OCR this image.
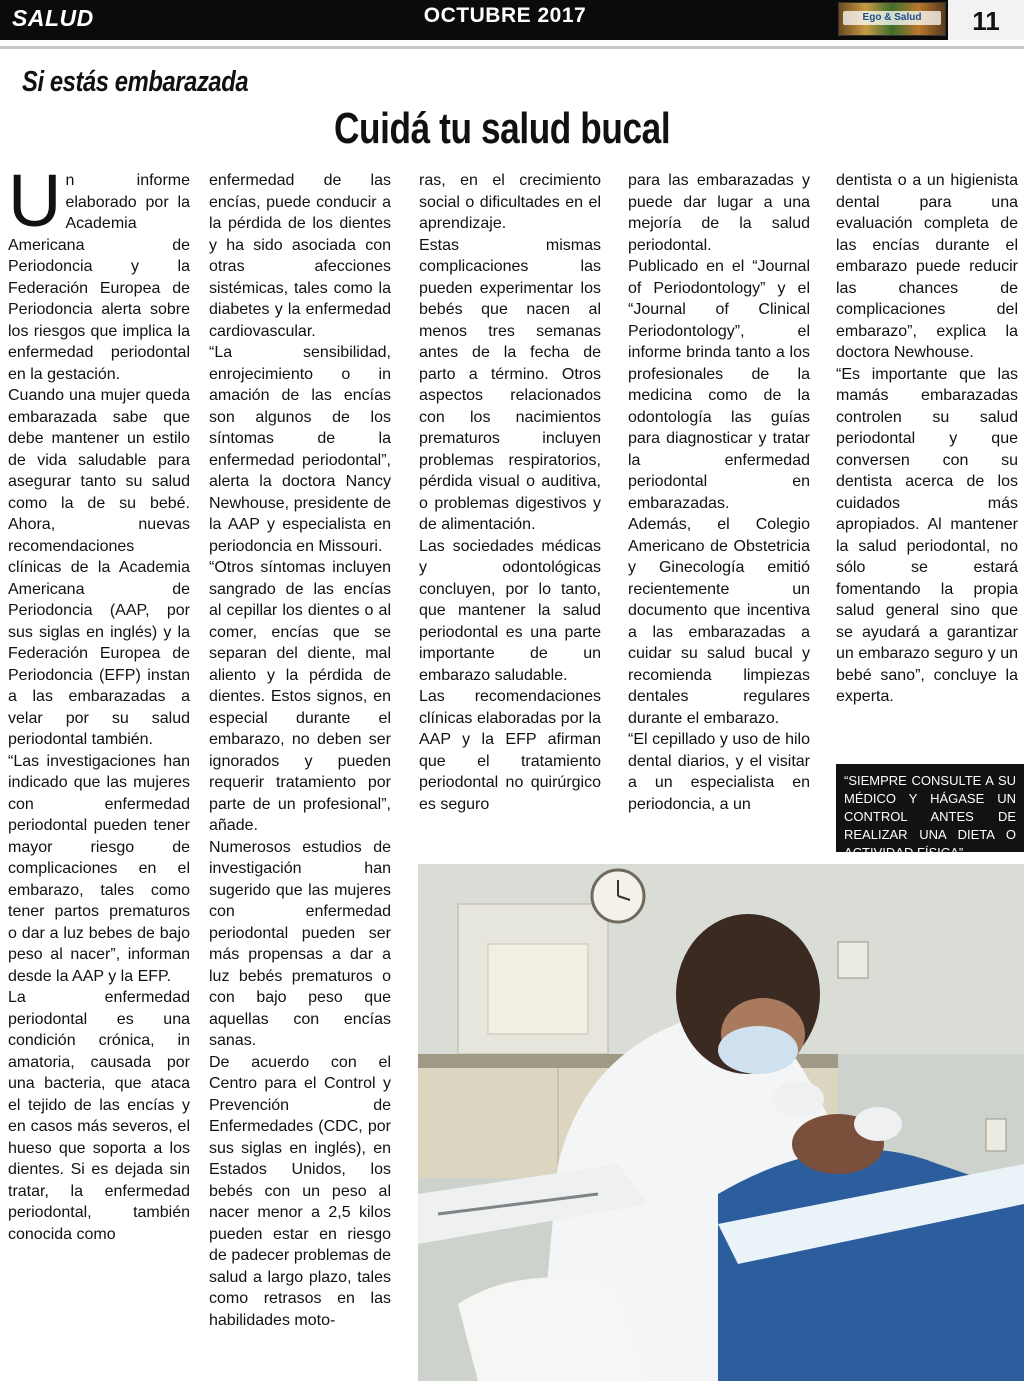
SALUD	OCTUBRE 2017	Ego & Salud	11
Si estás embarazada
Cuidá tu salud bucal
U n informe elaborado por la Academia Americana de Periodoncia y la Federación Europea de Periodoncia alerta sobre los riesgos que implica la enfermedad periodontal en la gestación.

Cuando una mujer queda embarazada sabe que debe mantener un estilo de vida saludable para asegurar tanto su salud como la de su bebé. Ahora, nuevas recomendaciones clínicas de la Academia Americana de Periodoncia (AAP, por sus siglas en inglés) y la Federación Europea de Periodoncia (EFP) instan a las embarazadas a velar por su salud periodontal también.

“Las investigaciones han indicado que las mujeres con enfermedad periodontal pueden tener mayor riesgo de complicaciones en el embarazo, tales como tener partos prematuros o dar a luz bebes de bajo peso al nacer”, informan desde la AAP y la EFP.

La enfermedad periodontal es una condición crónica, in amatoria, causada por una bacteria, que ataca el tejido de las encías y en casos más severos, el hueso que soporta a los dientes. Si es dejada sin tratar, la enfermedad periodontal, también conocida como

enfermedad de las encías, puede conducir a la pérdida de los dientes y ha sido asociada con otras afecciones sistémicas, tales como la diabetes y la enfermedad cardiovascular.

“La sensibilidad, enrojecimiento o in amación de las encías son algunos de los síntomas de la enfermedad periodontal”, alerta la doctora Nancy Newhouse, presidente de la AAP y especialista en periodoncia en Missouri.

“Otros síntomas incluyen sangrado de las encías al cepillar los dientes o al comer, encías que se separan del diente, mal aliento y la pérdida de dientes. Estos signos, en especial durante el embarazo, no deben ser ignorados y pueden requerir tratamiento por parte de un profesional”, añade.

Numerosos estudios de investigación han sugerido que las mujeres con enfermedad periodontal pueden ser más propensas a dar a luz bebés prematuros o con bajo peso que aquellas con encías sanas.

De acuerdo con el Centro para el Control y Prevención de Enfermedades (CDC, por sus siglas en inglés), en Estados Unidos, los bebés con un peso al nacer menor a 2,5 kilos pueden estar en riesgo de padecer problemas de salud a largo plazo, tales como retrasos en las habilidades moto-

ras, en el crecimiento social o dificultades en el aprendizaje.

Estas mismas complicaciones las pueden experimentar los bebés que nacen al menos tres semanas antes de la fecha de parto a término. Otros aspectos relacionados con los nacimientos prematuros incluyen problemas respiratorios, pérdida visual o auditiva, o problemas digestivos y de alimentación.

Las sociedades médicas y odontológicas concluyen, por lo tanto, que mantener la salud periodontal es una parte importante de un embarazo saludable.

Las recomendaciones clínicas elaboradas por la AAP y la EFP afirman que el tratamiento periodontal no quirúrgico es seguro

para las embarazadas y puede dar lugar a una mejoría de la salud periodontal.

Publicado en el “Journal of Periodontology” y el “Journal of Clinical Periodontology”, el informe brinda tanto a los profesionales de la medicina como de la odontología las guías para diagnosticar y tratar la enfermedad periodontal en embarazadas.

Además, el Colegio Americano de Obstetricia y Ginecología emitió recientemente un documento que incentiva a las embarazadas a cuidar su salud bucal y recomienda limpiezas dentales regulares durante el embarazo.

“El cepillado y uso de hilo dental diarios, y el visitar a un especialista en periodoncia, a un

dentista o a un higienista dental para una evaluación completa de las encías durante el embarazo puede reducir las chances de complicaciones del embarazo”, explica la doctora Newhouse.

“Es importante que las mamás embarazadas controlen su salud periodontal y que conversen con su dentista acerca de los cuidados más apropiados. Al mantener la salud periodontal, no sólo se estará fomentando la propia salud general sino que se ayudará a garantizar un embarazo seguro y un bebé sano”, concluye la experta.

“SIEMPRE CONSULTE A SU MÉDICO Y HÁGASE UN CONTROL ANTES DE REALIZAR UNA DIETA O ACTIVIDAD FÍSICA”
